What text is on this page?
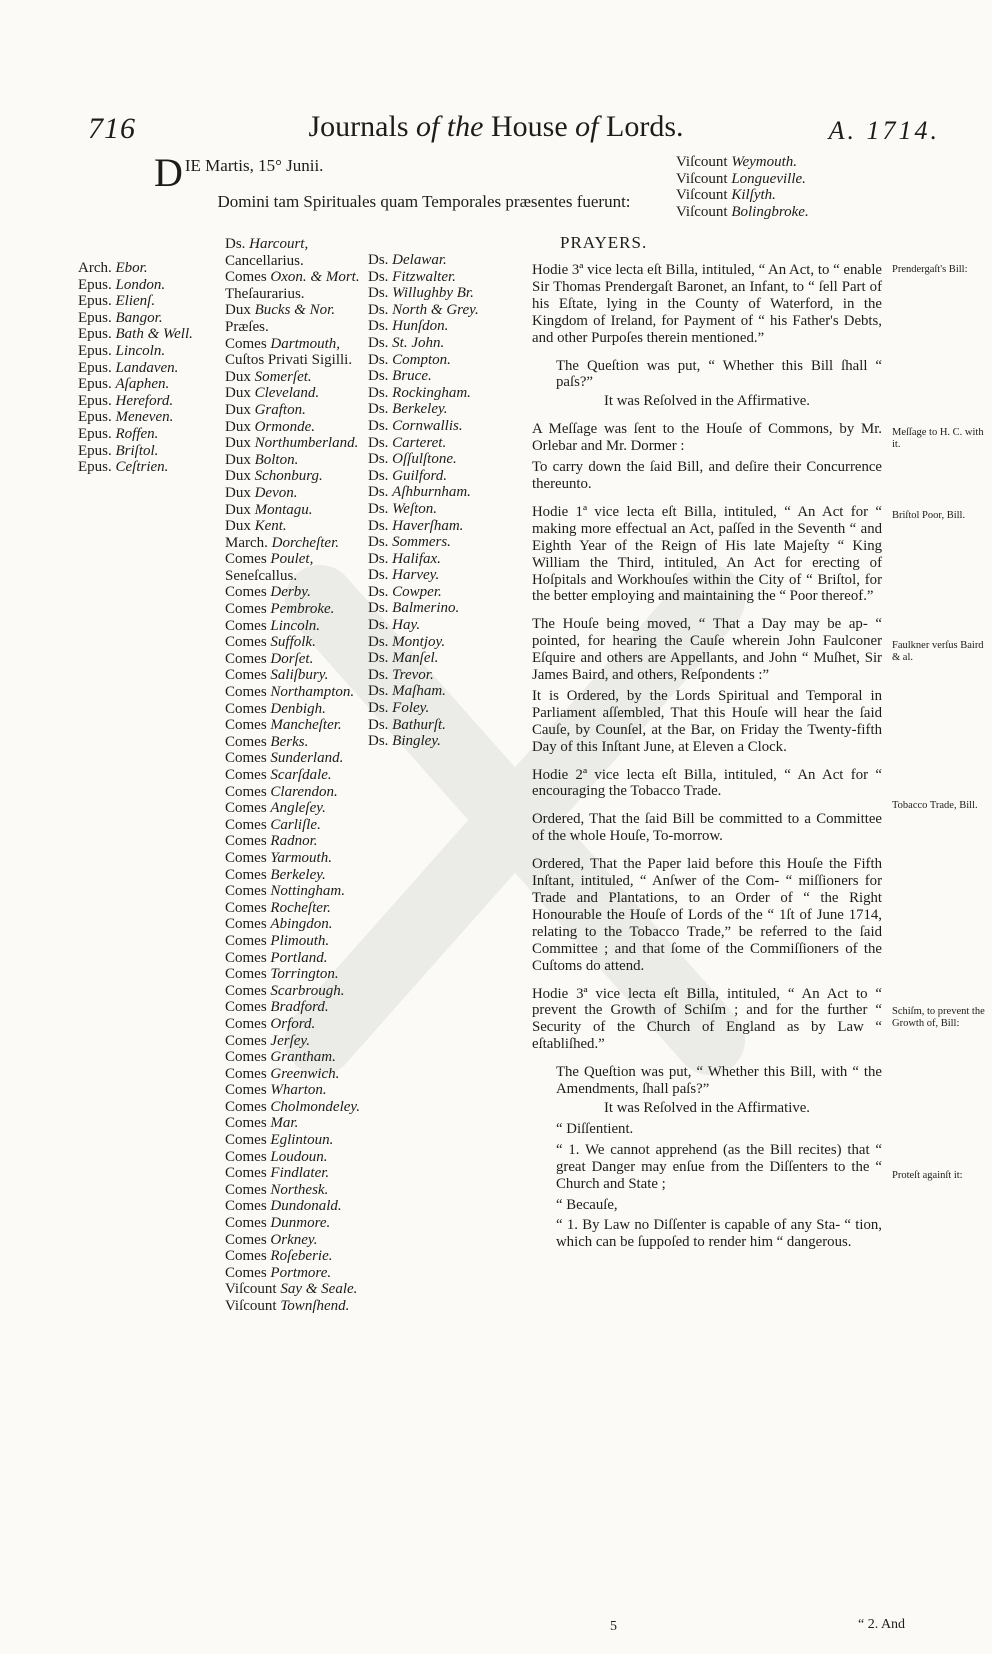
716	Journals of the House of Lords.	A. 1714.
D IE Martis, 15° Junii.
Domini tam Spirituales quam Temporales præsentes fuerunt:
Arch. Ebor.
Epus. London.
Epus. Elienſ.
Epus. Bangor.
Epus. Bath & Well.
Epus. Lincoln.
Epus. Landaven.
Epus. Aſaphen.
Epus. Hereford.
Epus. Meneven.
Epus. Roffen.
Epus. Briſtol.
Epus. Ceſtrien.
Ds. Harcourt, Cancellarius.
Comes Oxon. & Mort. Theſaurarius.
Dux Bucks & Nor. Præſes.
Comes Dartmouth, Cuſtos Privati Sigilli.
Dux Somerſet.
Dux Cleveland.
Dux Grafton.
Dux Ormonde.
Dux Northumberland.
Dux Bolton.
Dux Schonburg.
Dux Devon.
Dux Montagu.
Dux Kent.
March. Dorcheſter.
Comes Poulet, Seneſcallus.
Comes Derby.
Comes Pembroke.
Comes Lincoln.
Comes Suffolk.
Comes Dorſet.
Comes Saliſbury.
Comes Northampton.
Comes Denbigh.
Comes Mancheſter.
Comes Berks.
Comes Sunderland.
Comes Scarſdale.
Comes Clarendon.
Comes Angleſey.
Comes Carliſle.
Comes Radnor.
Comes Yarmouth.
Comes Berkeley.
Comes Nottingham.
Comes Rocheſter.
Comes Abingdon.
Comes Plimouth.
Comes Portland.
Comes Torrington.
Comes Scarbrough.
Comes Bradford.
Comes Orford.
Comes Jerſey.
Comes Grantham.
Comes Greenwich.
Comes Wharton.
Comes Cholmondeley.
Comes Mar.
Comes Eglintoun.
Comes Loudoun.
Comes Findlater.
Comes Northesk.
Comes Dundonald.
Comes Dunmore.
Comes Orkney.
Comes Roſeberie.
Comes Portmore.
Viſcount Say & Seale.
Viſcount Townſhend.
Ds. Delawar.
Ds. Fitzwalter.
Ds. Willughby Br.
Ds. North & Grey.
Ds. Hunſdon.
Ds. St. John.
Ds. Compton.
Ds. Bruce.
Ds. Rockingham.
Ds. Berkeley.
Ds. Cornwallis.
Ds. Carteret.
Ds. Oſſulſtone.
Ds. Guilford.
Ds. Aſhburnham.
Ds. Weſton.
Ds. Haverſham.
Ds. Sommers.
Ds. Halifax.
Ds. Harvey.
Ds. Cowper.
Ds. Balmerino.
Ds. Hay.
Ds. Montjoy.
Ds. Manſel.
Ds. Trevor.
Ds. Maſham.
Ds. Foley.
Ds. Bathurſt.
Ds. Bingley.
Viſcount Weymouth.
Viſcount Longueville.
Viſcount Kilſyth.
Viſcount Bolingbroke.
PRAYERS.

Hodie 3ª vice lecta eſt Billa, intituled, “ An Act, to “ enable Sir Thomas Prendergaſt Baronet, an Infant, to “ ſell Part of his Eſtate, lying in the County of Waterford, in the Kingdom of Ireland, for Payment of “ his Father's Debts, and other Purpoſes therein mentioned.”

The Queſtion was put, “ Whether this Bill ſhall “ paſs?”

It was Reſolved in the Affirmative.

A Meſſage was ſent to the Houſe of Commons, by Mr. Orlebar and Mr. Dormer :

To carry down the ſaid Bill, and deſire their Concurrence thereunto.

Hodie 1ª vice lecta eſt Billa, intituled, “ An Act for “ making more effectual an Act, paſſed in the Seventh “ and Eighth Year of the Reign of His late Majeſty “ King William the Third, intituled, An Act for erecting of Hoſpitals and Workhouſes within the City of “ Briſtol, for the better employing and maintaining the “ Poor thereof.”

The Houſe being moved, “ That a Day may be ap- “ pointed, for hearing the Cauſe wherein John Faulconer Eſquire and others are Appellants, and John “ Muſhet, Sir James Baird, and others, Reſpondents :”

It is Ordered, by the Lords Spiritual and Temporal in Parliament aſſembled, That this Houſe will hear the ſaid Cauſe, by Counſel, at the Bar, on Friday the Twenty-fifth Day of this Inſtant June, at Eleven a Clock.

Hodie 2ª vice lecta eſt Billa, intituled, “ An Act for “ encouraging the Tobacco Trade.

Ordered, That the ſaid Bill be committed to a Committee of the whole Houſe, To-morrow.

Ordered, That the Paper laid before this Houſe the Fifth Inſtant, intituled, “ Anſwer of the Com- “ miſſioners for Trade and Plantations, to an Order of “ the Right Honourable the Houſe of Lords of the “ 1ſt of June 1714, relating to the Tobacco Trade,” be referred to the ſaid Committee ; and that ſome of the Commiſſioners of the Cuſtoms do attend.

Hodie 3ª vice lecta eſt Billa, intituled, “ An Act to “ prevent the Growth of Schiſm ; and for the further “ Security of the Church of England as by Law “ eſtabliſhed.”

The Queſtion was put, “ Whether this Bill, with “ the Amendments, ſhall paſs?”

It was Reſolved in the Affirmative.

“ Diſſentient.

“ 1. We cannot apprehend (as the Bill recites) that “ great Danger may enſue from the Diſſenters to the “ Church and State ;

“ Becauſe,

“ 1. By Law no Diſſenter is capable of any Sta- “ tion, which can be ſuppoſed to render him “ dangerous.

Prendergaſt's Bill:
Meſſage to H. C. with it.
Briſtol Poor, Bill.
Faulkner verſus Baird & al.
Tobacco Trade, Bill.
Schiſm, to prevent the Growth of, Bill:
Proteſt againſt it:
5	“ 2. And
